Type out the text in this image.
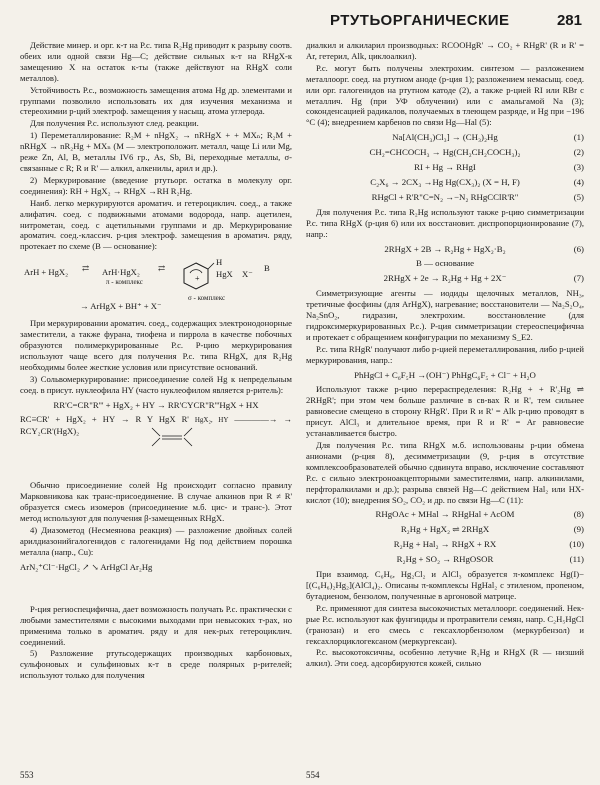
РТУТЬОРГАНИЧЕСКИЕ	281

Действие минер. и орг. к-т на Р.с. типа R₂Hg приводит к разрыву соотв. обеих или одной связи Hg—C; действие сильных к-т на RHgX-к замещению X на остаток к-ты (также действуют на RHgX соли металлов).

Устойчивость Р.с., возможность замещения атома Hg др. элементами и группами позволило использовать их для изучения механизма и стереохимии р-ций электроф. замещения у насыщ. атома углерода.

Для получения Р.с. используют след. реакции.

1) Переметаллирование: R₂M + nHgX₂ → nRHgX + + MXₙ; R₂M + nRHgX → nR₂Hg + MXₙ (M — электроположит. металл, чаще Li или Mg, реже Zn, Al, B, металлы IV6 гр., As, Sb, Bi, переходные металлы, σ-связанные с R; R и R' — алкил, алкенилы, арил и др.).

2) Меркурирование (введение ртутьорг. остатка в молекулу орг. соединения): RH + HgX₂ → RHgX →RH R₂Hg.

Наиб. легко меркурируются ароматич. и гетероциклич. соед., а также алифатич. соед. с подвижными атомами водорода, напр. ацетилен, нитрометан, соед. с ацетильными группами и др. Меркурирование ароматич. соед.-классич. р-ция электроф. замещения в ароматич. ряду, протекает по схеме (B — основание):

ArH + HgX₂ ⇄ ArH·HgX₂
π - комплекс
⇄
+
H
HgX X⁻
B
σ - комплекс
→ ArHgX + BH⁺ + X⁻

При меркурировании ароматич. соед., содержащих электронодонорные заместители, а также фурана, тиофена и пиррола в качестве побочных образуются полимеркурированные Р.с. Р-цию меркурирования используют чаще всего для получения Р.с. типа RHgX, для R₂Hg необходимы более жесткие условия или присутствие оснований.

3) Сольвомеркурирование: присоединение солей Hg к непредельным соед. в присут. нуклеофила HY (часто нуклеофилом является р-ритель):

RR'C=CR"R''' + HgX₂ + HY → RR'CYCR"R'''HgX + HX
RC≡CR' + HgX₂ + HY → R Y HgX R' HgX₂, HY ————→ → RCY₂CR'(HgX)₂

Обычно присоединение солей Hg происходит согласно правилу Марковникова как транс-присоединение. В случае алкинов при R ≠ R' образуется смесь изомеров (присоединение м.б. цис- и транс-). Этот метод используют для получения β-замещенных RHgX.

4) Диазометод (Несмеянова реакция) — разложение двойных солей арилдиазонийгалогенидов с галогенидами Hg под действием порошка металла (напр., Cu):

ArN₂⁺Cl⁻·HgCl₂ ↗ ↘ ArHgCl Ar₂Hg

Р-ция региоспецифична, дает возможность получать Р.с. практически с любыми заместителями с высокими выходами при невысоких т-рах, но применима только в ароматич. ряду и для нек-рых гетероциклич. соединений.

5) Разложение ртутьсодержащих производных карбоновых, сульфоновых и сульфиновых к-т в среде полярных р-рителей; используют только для получения

диалкил и алкиларил производных: RCOOHgR' → CO₂ + RHgR' (R и R' = Ar, гетерил, Alk, циклоалкил).

Р.с. могут быть получены электрохим. синтезом — разложением металлоорг. соед. на ртутном аноде (р-ция 1); разложением немасыщ. соед. или орг. галогенидов на ртутном катоде (2), а также р-цией RI или RBr с металлич. Hg (при УФ облучении) или с амальгамой Na (3); соконденсацией радикалов, получаемых в тлеющем разряде, и Hg при −196 °C (4); внедрением карбенов по связи Hg—Hal (5):

Na[Al(CH₃)Cl₃] → (CH₃)₂Hg	(1)
CH₂=CHCOCH₃ → Hg(CH₂CH₂COCH₃)₂	(2)
RI + Hg → RHgI	(3)
C₂X₆ → 2CX₃ →Hg Hg(CX₃)₂ (X = H, F)	(4)
RHgCl + R'R"C=N₂ →−N₂ RHgCClR'R"	(5)

Для получения Р.с. типа R₂Hg используют также р-цию симметризации Р.с. типа RHgX (р-ция 6) или их восстановит. диспропорционирование (7), напр.:

2RHgX + 2B → R₂Hg + HgX₂·B₂	(6)
B — основание
2RHgX + 2e → R₂Hg + Hg + 2X⁻	(7)

Симметризующие агенты — иодиды щелочных металлов, NH₃, третичные фосфины (для ArHgX), нагревание; восстановители — Na₂S₂O₄, Na₂SnO₂, гидразин, электрохим. восстановление (для гидроксимеркурированных Р.с.). Р-ция симметризации стереоспецифична и протекает с обращением конфигурации по механизму S_E2.

Р.с. типа RHgR' получают либо р-цией переметаллирования, либо р-цией меркурирования, напр.:

PhHgCl + C₆F₅H →(OH⁻) PhHgC₆F₅ + Cl⁻ + H₂O

Используют также р-цию перераспределения: R₂Hg + + R'₂Hg ⇌ 2RHgR'; при этом чем больше различие в св-вах R и R', тем сильнее равновесие смещено в сторону RHgR'. При R и R' = Alk р-цию проводят в присут. AlCl₃ и длительное время, при R и R' = Ar равновесие устанавливается быстро.

Для получения Р.с. типа RHgX м.б. использованы р-ции обмена анионами (р-ция 8), десимметризации (9, р-ция в отсутствие комплексообразователей обычно сдвинута вправо, исключение составляют Р.с. с сильно электроноакцепторными заместителями, напр. алкинилами, перфторалкилами и др.); разрыва связей Hg—C действием Hal₂ или HX-кислот (10); внедрения SO₂, CO₂ и др. по связи Hg—C (11):

RHgOAc + MHal → RHgHal + AcOM	(8)
R₂Hg + HgX₂ ⇌ 2RHgX	(9)
R₂Hg + Hal₂ → RHgX + RX	(10)
R₂Hg + SO₂ → RHgOSOR	(11)

При взаимод. C₆H₆, Hg₂Cl₂ и AlCl₃ образуется π-комплекс Hg(I)−[(C₆H₆)₂Hg₂](AlCl₄)₂. Описаны π-комплексы HgHal₂ с этиленом, пропеном, бутадиеном, бензолом, полученные в аргоновой матрице.

Р.с. применяют для синтеза высокочистых металлоорг. соединений. Нек-рые Р.с. используют как фунгициды и протравители семян, напр. C₂H₅HgCl (гранозан) и его смесь с гексахлорбензолом (меркурбензол) и гексахлорциклогексаном (меркургексан).

Р.с. высокотоксичны, особенно летучие R₂Hg и RHgX (R — низший алкил). Эти соед. адсорбируются кожей, сильно

553	554
